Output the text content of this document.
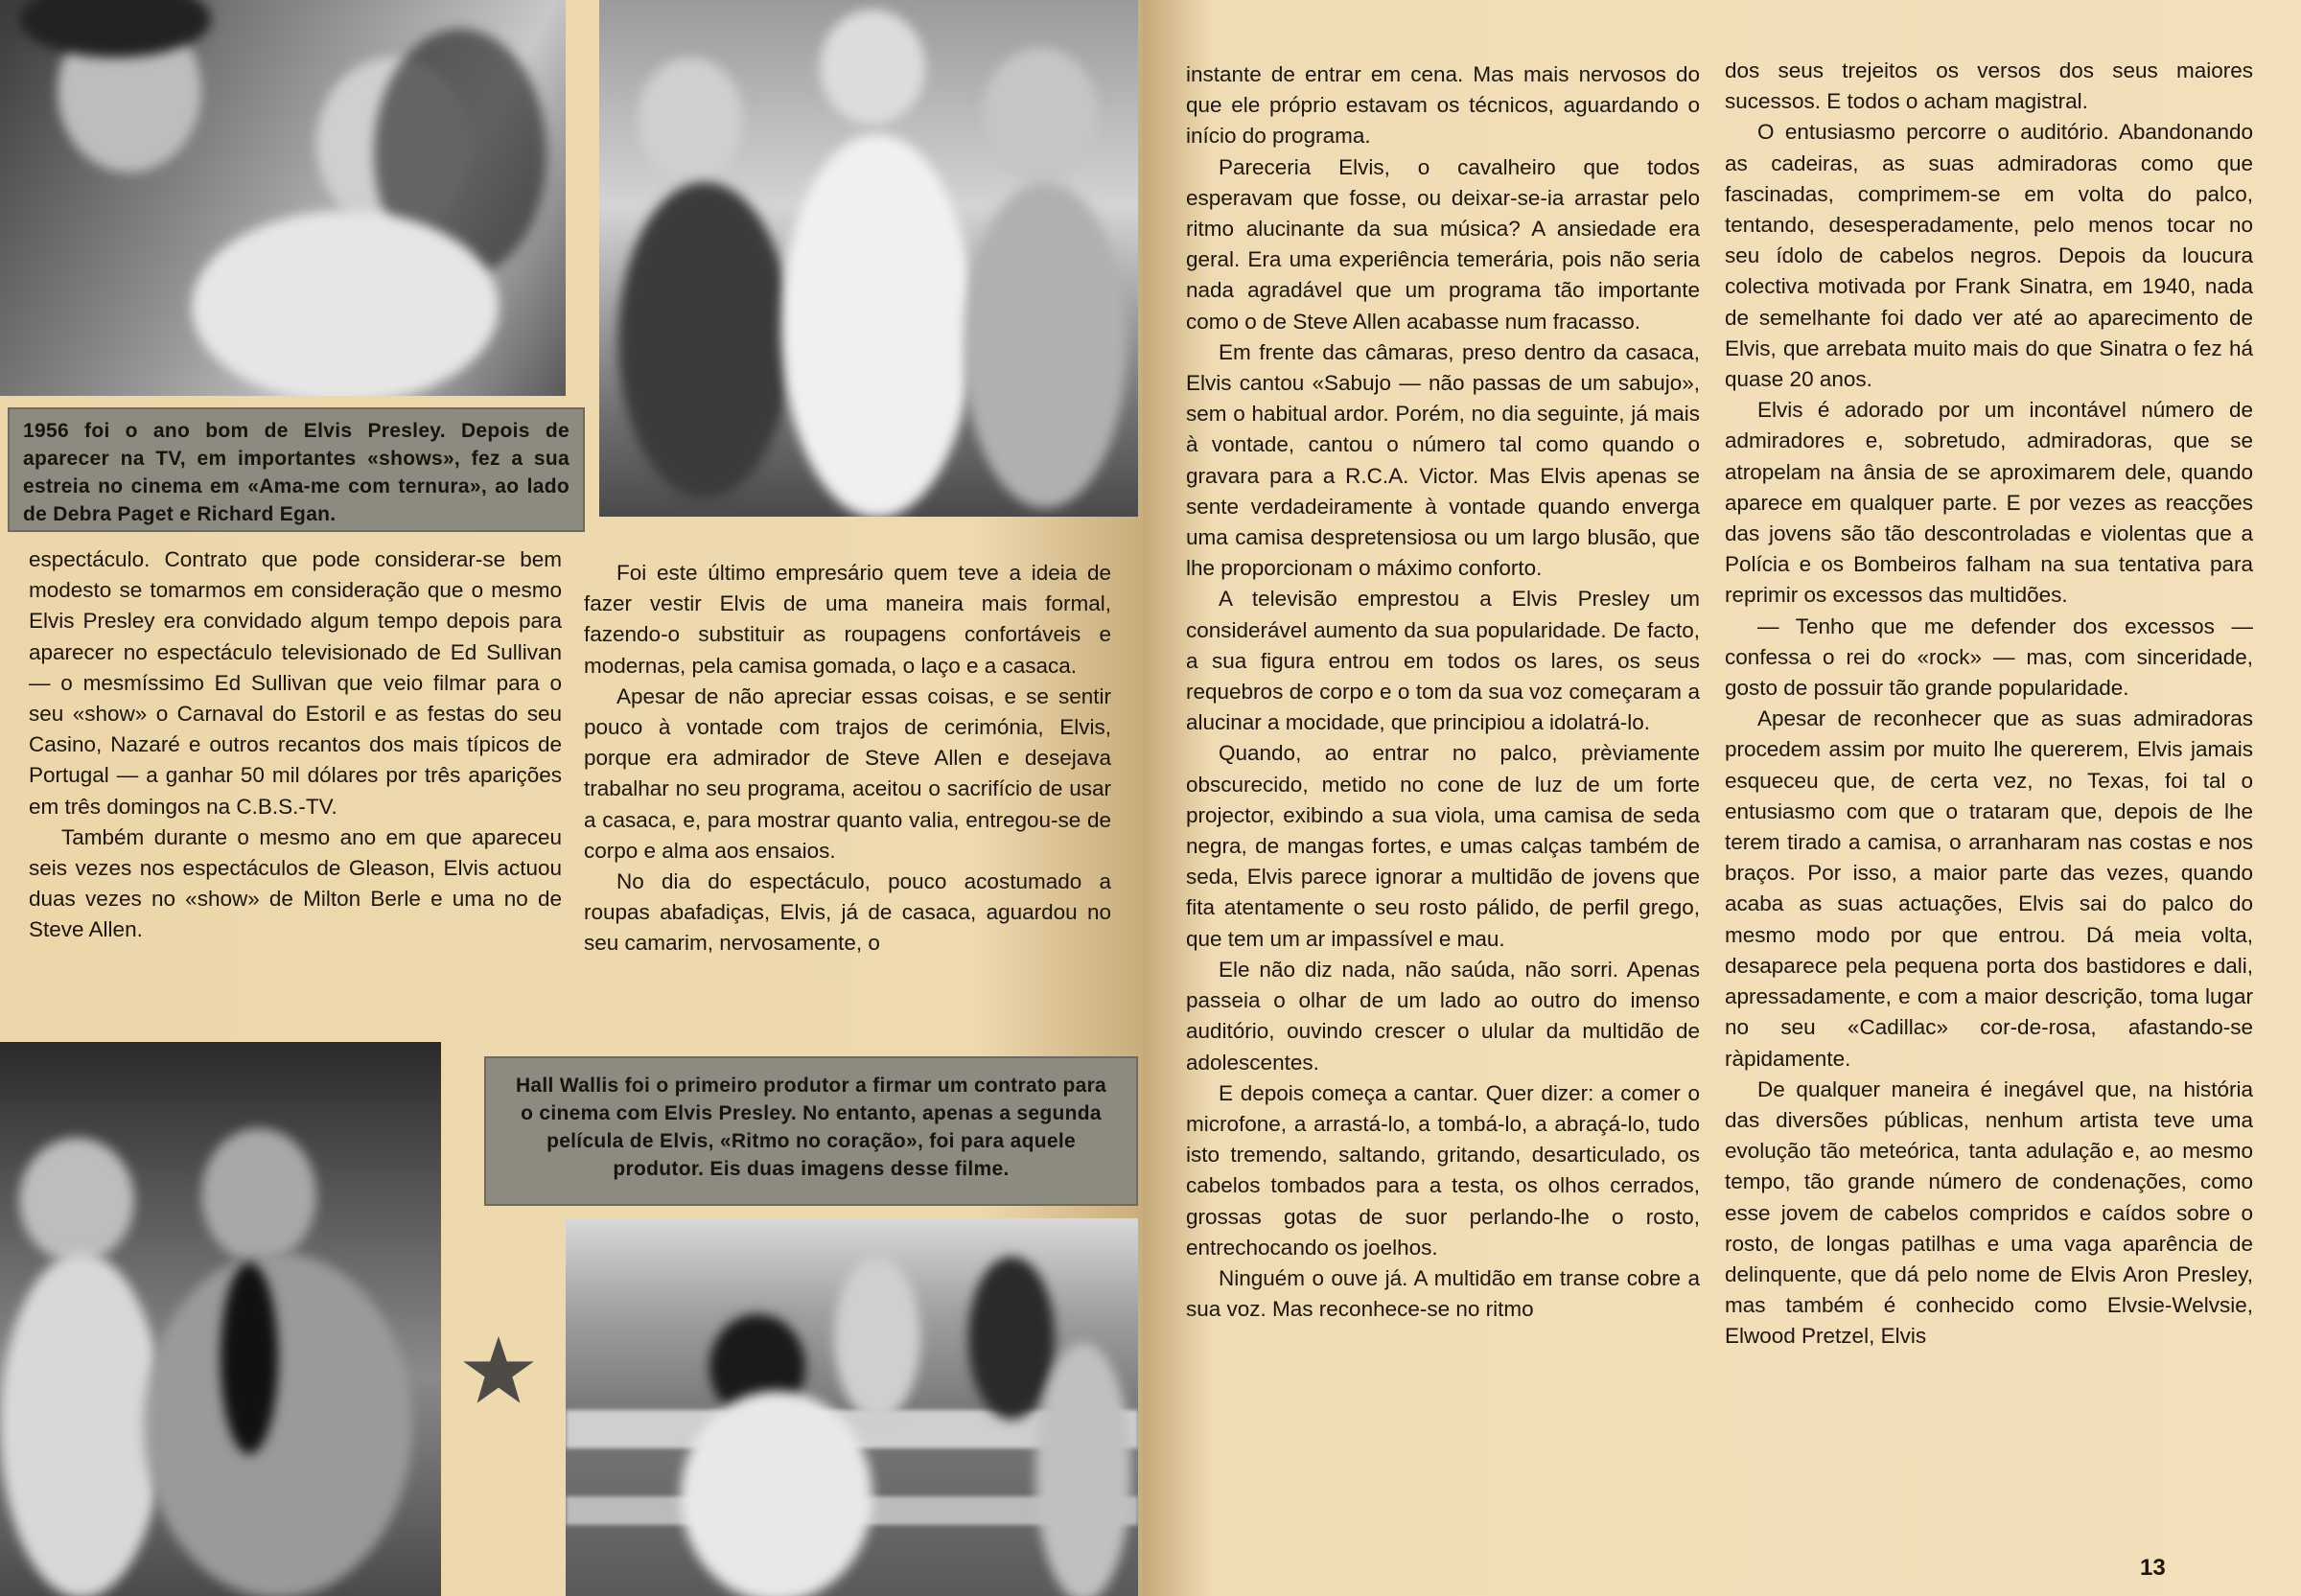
1956 foi o ano bom de Elvis Presley. Depois de aparecer na TV, em importantes «shows», fez a sua estreia no cinema em «Ama-me com ternura», ao lado de Debra Paget e Richard Egan.

espectáculo. Contrato que pode considerar-se bem modesto se tomarmos em consideração que o mesmo Elvis Presley era convidado algum tempo depois para aparecer no espectáculo televisionado de Ed Sullivan — o mesmíssimo Ed Sullivan que veio filmar para o seu «show» o Carnaval do Estoril e as festas do seu Casino, Nazaré e outros recantos dos mais típicos de Portugal — a ganhar 50 mil dólares por três aparições em três domingos na C.B.S.-TV.

Também durante o mesmo ano em que apareceu seis vezes nos espectáculos de Gleason, Elvis actuou duas vezes no «show» de Milton Berle e uma no de Steve Allen.

Foi este último empresário quem teve a ideia de fazer vestir Elvis de uma maneira mais formal, fazendo-o substituir as roupagens confortáveis e modernas, pela camisa gomada, o laço e a casaca.

Apesar de não apreciar essas coisas, e se sentir pouco à vontade com trajos de cerimónia, Elvis, porque era admirador de Steve Allen e desejava trabalhar no seu programa, aceitou o sacrifício de usar a casaca, e, para mostrar quanto valia, entregou-se de corpo e alma aos ensaios.

No dia do espectáculo, pouco acostumado a roupas abafadiças, Elvis, já de casaca, aguardou no seu camarim, nervosamente, o

Hall Wallis foi o primeiro produtor a firmar um contrato para o cinema com Elvis Presley. No entanto, apenas a segunda película de Elvis, «Ritmo no coração», foi para aquele produtor. Eis duas imagens desse filme.

instante de entrar em cena. Mas mais nervosos do que ele próprio estavam os técnicos, aguardando o início do programa.

Pareceria Elvis, o cavalheiro que todos esperavam que fosse, ou deixar-se-ia arrastar pelo ritmo alucinante da sua música? A ansiedade era geral. Era uma experiência temerária, pois não seria nada agradável que um programa tão importante como o de Steve Allen acabasse num fracasso.

Em frente das câmaras, preso dentro da casaca, Elvis cantou «Sabujo — não passas de um sabujo», sem o habitual ardor. Porém, no dia seguinte, já mais à vontade, cantou o número tal como quando o gravara para a R.C.A. Victor. Mas Elvis apenas se sente verdadeiramente à vontade quando enverga uma camisa despretensiosa ou um largo blusão, que lhe proporcionam o máximo conforto.

A televisão emprestou a Elvis Presley um considerável aumento da sua popularidade. De facto, a sua figura entrou em todos os lares, os seus requebros de corpo e o tom da sua voz começaram a alucinar a mocidade, que principiou a idolatrá-lo.

Quando, ao entrar no palco, prèviamente obscurecido, metido no cone de luz de um forte projector, exibindo a sua viola, uma camisa de seda negra, de mangas fortes, e umas calças também de seda, Elvis parece ignorar a multidão de jovens que fita atentamente o seu rosto pálido, de perfil grego, que tem um ar impassível e mau.

Ele não diz nada, não saúda, não sorri. Apenas passeia o olhar de um lado ao outro do imenso auditório, ouvindo crescer o ulular da multidão de adolescentes.

E depois começa a cantar. Quer dizer: a comer o microfone, a arrastá-lo, a tombá-lo, a abraçá-lo, tudo isto tremendo, saltando, gritando, desarticulado, os cabelos tombados para a testa, os olhos cerrados, grossas gotas de suor perlando-lhe o rosto, entrechocando os joelhos.

Ninguém o ouve já. A multidão em transe cobre a sua voz. Mas reconhece-se no ritmo

dos seus trejeitos os versos dos seus maiores sucessos. E todos o acham magistral.

O entusiasmo percorre o auditório. Abandonando as cadeiras, as suas admiradoras como que fascinadas, comprimem-se em volta do palco, tentando, desesperadamente, pelo menos tocar no seu ídolo de cabelos negros. Depois da loucura colectiva motivada por Frank Sinatra, em 1940, nada de semelhante foi dado ver até ao aparecimento de Elvis, que arrebata muito mais do que Sinatra o fez há quase 20 anos.

Elvis é adorado por um incontável número de admiradores e, sobretudo, admiradoras, que se atropelam na ânsia de se aproximarem dele, quando aparece em qualquer parte. E por vezes as reacções das jovens são tão descontroladas e violentas que a Polícia e os Bombeiros falham na sua tentativa para reprimir os excessos das multidões.

— Tenho que me defender dos excessos — confessa o rei do «rock» — mas, com sinceridade, gosto de possuir tão grande popularidade.

Apesar de reconhecer que as suas admiradoras procedem assim por muito lhe quererem, Elvis jamais esqueceu que, de certa vez, no Texas, foi tal o entusiasmo com que o trataram que, depois de lhe terem tirado a camisa, o arranharam nas costas e nos braços. Por isso, a maior parte das vezes, quando acaba as suas actuações, Elvis sai do palco do mesmo modo por que entrou. Dá meia volta, desaparece pela pequena porta dos bastidores e dali, apressadamente, e com a maior descrição, toma lugar no seu «Cadillac» cor-de-rosa, afastando-se ràpidamente.

De qualquer maneira é inegável que, na história das diversões públicas, nenhum artista teve uma evolução tão meteórica, tanta adulação e, ao mesmo tempo, tão grande número de condenações, como esse jovem de cabelos compridos e caídos sobre o rosto, de longas patilhas e uma vaga aparência de delinquente, que dá pelo nome de Elvis Aron Presley, mas também é conhecido como Elvsie-Welvsie, Elwood Pretzel, Elvis

13
